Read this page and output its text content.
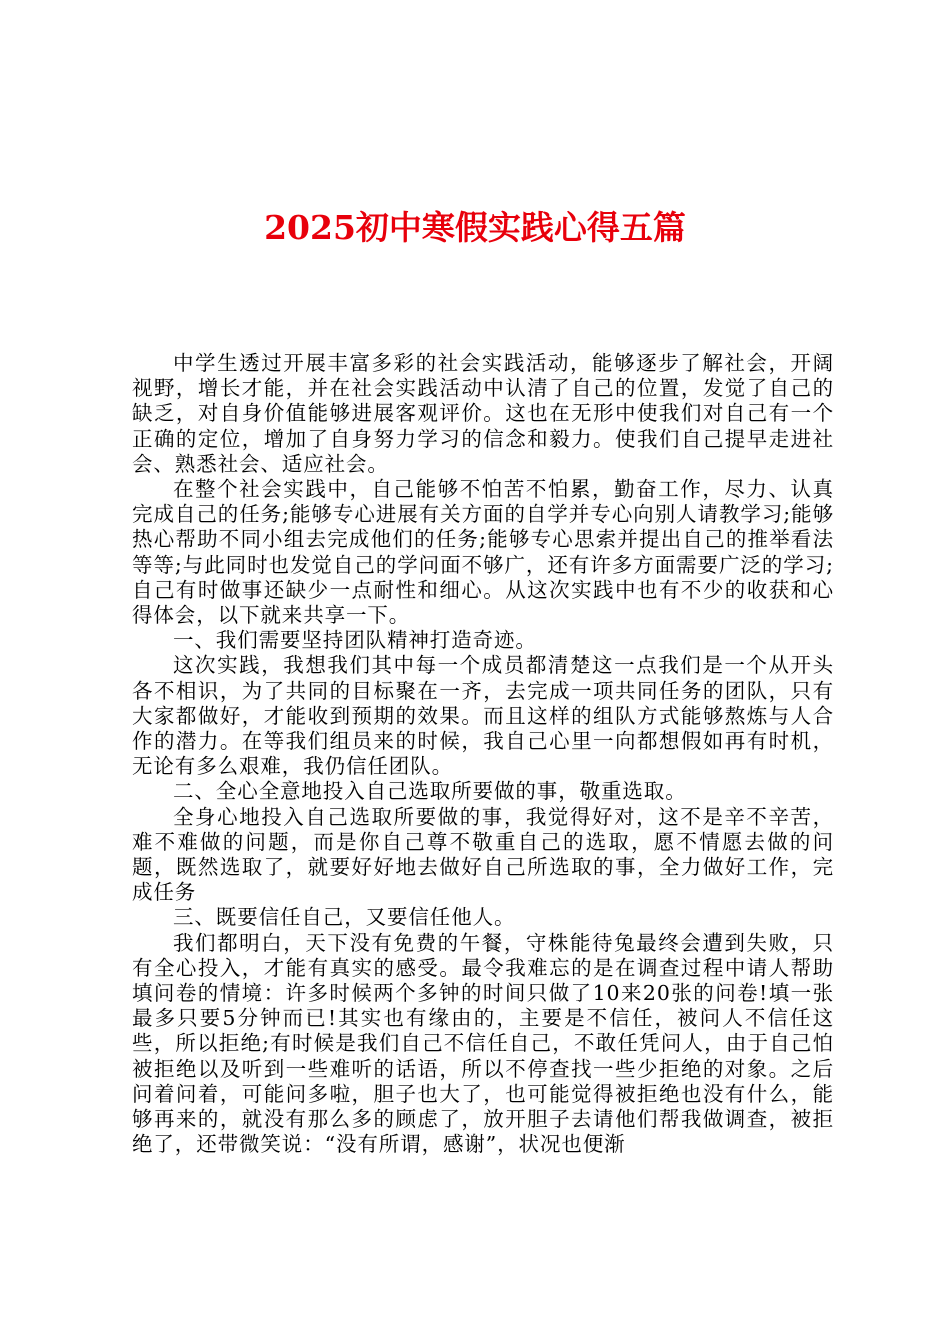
2025初中寒假实践心得五篇

中学生透过开展丰富多彩的社会实践活动，能够逐步了解社会，开阔视野，增长才能，并在社会实践活动中认清了自己的位置，发觉了自己的缺乏，对自身价值能够进展客观评价。这也在无形中使我们对自己有一个正确的定位，增加了自身努力学习的信念和毅力。使我们自己提早走进社会、熟悉社会、适应社会。

在整个社会实践中，自己能够不怕苦不怕累，勤奋工作，尽力、认真完成自己的任务;能够专心进展有关方面的自学并专心向别人请教学习;能够热心帮助不同小组去完成他们的任务;能够专心思索并提出自己的推举看法等等;与此同时也发觉自己的学问面不够广，还有许多方面需要广泛的学习;自己有时做事还缺少一点耐性和细心。从这次实践中也有不少的收获和心得体会，以下就来共享一下。

一、我们需要坚持团队精神打造奇迹。

这次实践，我想我们其中每一个成员都清楚这一点我们是一个从开头各不相识，为了共同的目标聚在一齐，去完成一项共同任务的团队，只有大家都做好，才能收到预期的效果。而且这样的组队方式能够熬炼与人合作的潜力。在等我们组员来的时候，我自己心里一向都想假如再有时机，无论有多么艰难，我仍信任团队。

二、全心全意地投入自己选取所要做的事，敬重选取。

全身心地投入自己选取所要做的事，我觉得好对，这不是辛不辛苦，难不难做的问题，而是你自己尊不敬重自己的选取，愿不情愿去做的问题，既然选取了，就要好好地去做好自己所选取的事，全力做好工作，完成任务

三、既要信任自己，又要信任他人。

我们都明白，天下没有免费的午餐，守株能待兔最终会遭到失败，只有全心投入，才能有真实的感受。最令我难忘的是在调查过程中请人帮助填问卷的情境：许多时候两个多钟的时间只做了10来20张的问卷!填一张最多只要5分钟而已!其实也有缘由的，主要是不信任，被问人不信任这些，所以拒绝;有时候是我们自己不信任自己，不敢任凭问人，由于自己怕被拒绝以及听到一些难听的话语，所以不停查找一些少拒绝的对象。之后问着问着，可能问多啦，胆子也大了，也可能觉得被拒绝也没有什么，能够再来的，就没有那么多的顾虑了，放开胆子去请他们帮我做调查，被拒绝了，还带微笑说：“没有所谓，感谢”，状况也便渐
